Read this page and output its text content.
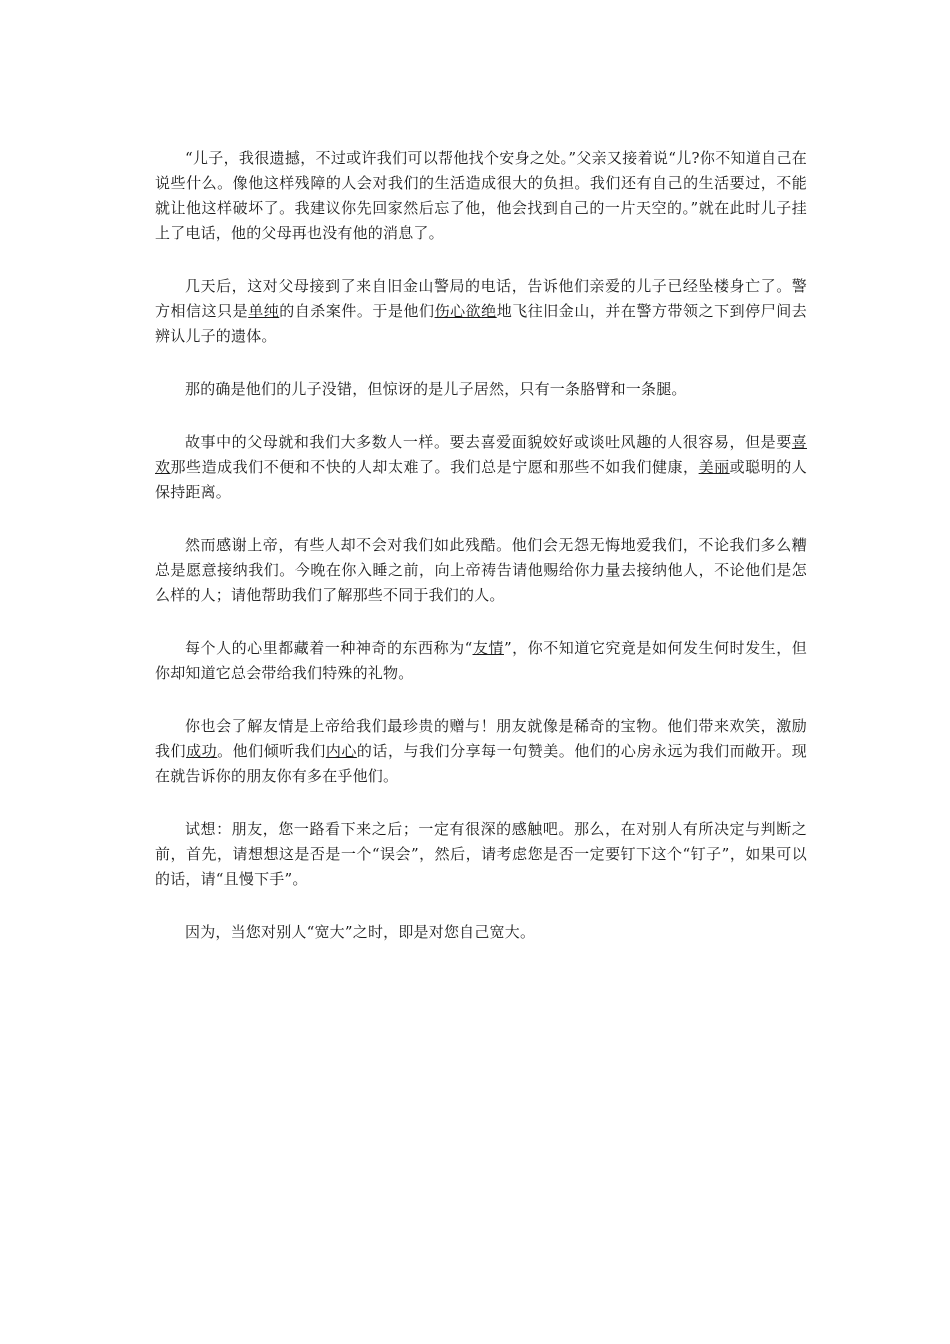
“儿子，我很遗撼，不过或许我们可以帮他找个安身之处。”父亲又接着说“儿?你不知道自己在说些什么。像他这样残障的人会对我们的生活造成很大的负担。我们还有自己的生活要过，不能就让他这样破坏了。我建议你先回家然后忘了他，他会找到自己的一片天空的。”就在此时儿子挂上了电话，他的父母再也没有他的消息了。

几天后，这对父母接到了来自旧金山警局的电话，告诉他们亲爱的儿子已经坠楼身亡了。警方相信这只是单纯的自杀案件。于是他们伤心欲绝地飞往旧金山，并在警方带领之下到停尸间去辨认儿子的遗体。

那的确是他们的儿子没错，但惊讶的是儿子居然，只有一条胳臂和一条腿。

故事中的父母就和我们大多数人一样。要去喜爱面貌姣好或谈吐风趣的人很容易，但是要喜欢那些造成我们不便和不快的人却太难了。我们总是宁愿和那些不如我们健康，美丽或聪明的人保持距离。

然而感谢上帝，有些人却不会对我们如此残酷。他们会无怨无悔地爱我们，不论我们多么糟总是愿意接纳我们。今晚在你入睡之前，向上帝祷告请他赐给你力量去接纳他人，不论他们是怎么样的人；请他帮助我们了解那些不同于我们的人。

每个人的心里都藏着一种神奇的东西称为“友情”，你不知道它究竟是如何发生何时发生，但你却知道它总会带给我们特殊的礼物。

你也会了解友情是上帝给我们最珍贵的赠与！朋友就像是稀奇的宝物。他们带来欢笑，激励我们成功。他们倾听我们内心的话，与我们分享每一句赞美。他们的心房永远为我们而敞开。现在就告诉你的朋友你有多在乎他们。

试想：朋友，您一路看下来之后；一定有很深的感触吧。那么，在对别人有所决定与判断之前，首先，请想想这是否是一个“误会”，然后，请考虑您是否一定要钉下这个“钉子”，如果可以的话，请“且慢下手”。

因为，当您对别人“宽大”之时，即是对您自己宽大。
